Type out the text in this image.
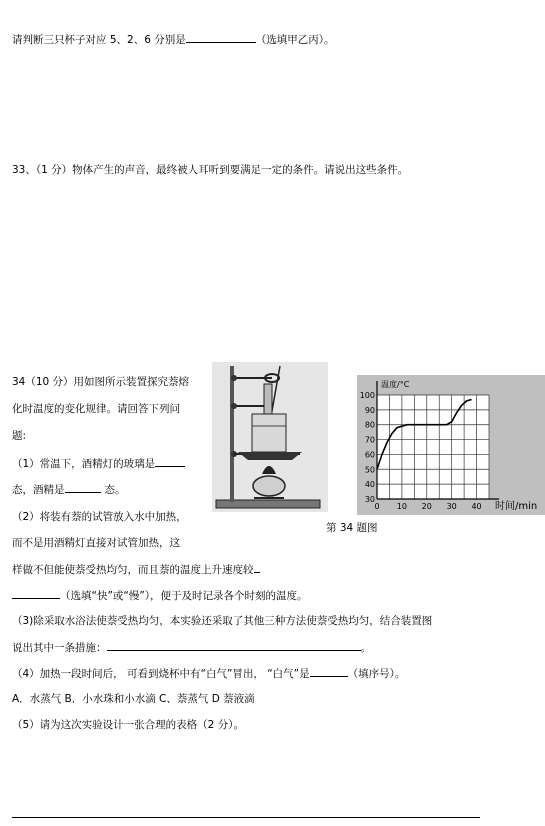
请判断三只杯子对应 5、2、6 分别是	（选填甲乙丙）。
33、（1 分）物体产生的声音，最终被人耳听到要满足一定的条件。请说出这些条件。
34（10 分）用如图所示装置探究萘熔
化时温度的变化规律。请回答下列问
题:
（1）常温下，酒精灯的玻璃是
态，酒精是	态。
（2）将装有萘的试管放入水中加热，
而不是用酒精灯直接对试管加热，这
样做不但能使萘受热均匀，而且萘的温度上升速度较
（选填“快”或“慢”），便于及时记录各个时刻的温度。
（3)除采取水浴法使萘受热均匀，本实验还采取了其他三种方法使萘受热均匀，结合装置图
说出其中一条措施：	。
（4）加热一段时间后， 可看到烧杯中有“白气”冒出， “白气”是	（填序号）。
A．水蒸气 B．小水珠和小水滴 C、萘蒸气 D 萘液滴
（5）请为这次实验设计一张合理的表格（2 分）。
30
40
50
60
70
80
90
100
0 10 20 30 40
温度/°C
时间/min
第 34 题图
